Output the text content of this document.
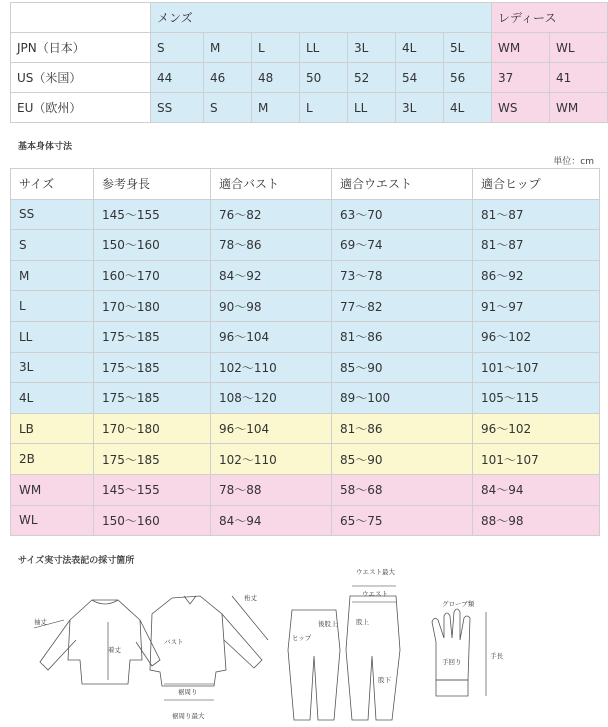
	メンズ							レディース	
JPN（日本）	S	M	L	LL	3L	4L	5L	WM	WL
US（米国）	44	46	48	50	52	54	56	37	41
EU（欧州）	SS	S	M	L	LL	3L	4L	WS	WM
基本身体寸法
単位：cm
サイズ	参考身長	適合バスト	適合ウエスト	適合ヒップ
SS	145～155	76～82	63～70	81～87
S	150～160	78～86	69～74	81～87
M	160～170	84～92	73～78	86～92
L	170～180	90～98	77～82	91～97
LL	175～185	96～104	81～86	96～102
3L	175～185	102～110	85～90	101～107
4L	175～185	108～120	89～100	105～115
LB	170～180	96～104	81～86	96～102
2B	175～185	102～110	85～90	101～107
WM	145～155	78～88	58～68	84～94
WL	150～160	84～94	65～75	88～98
サイズ実寸法表記の採寸箇所
袖丈
着丈
裄丈
バスト
裾周り
裾周り最大
ウエスト最大
ウエスト
ヒップ
後股上	股上
股下
グローブ類
手回り
手長
